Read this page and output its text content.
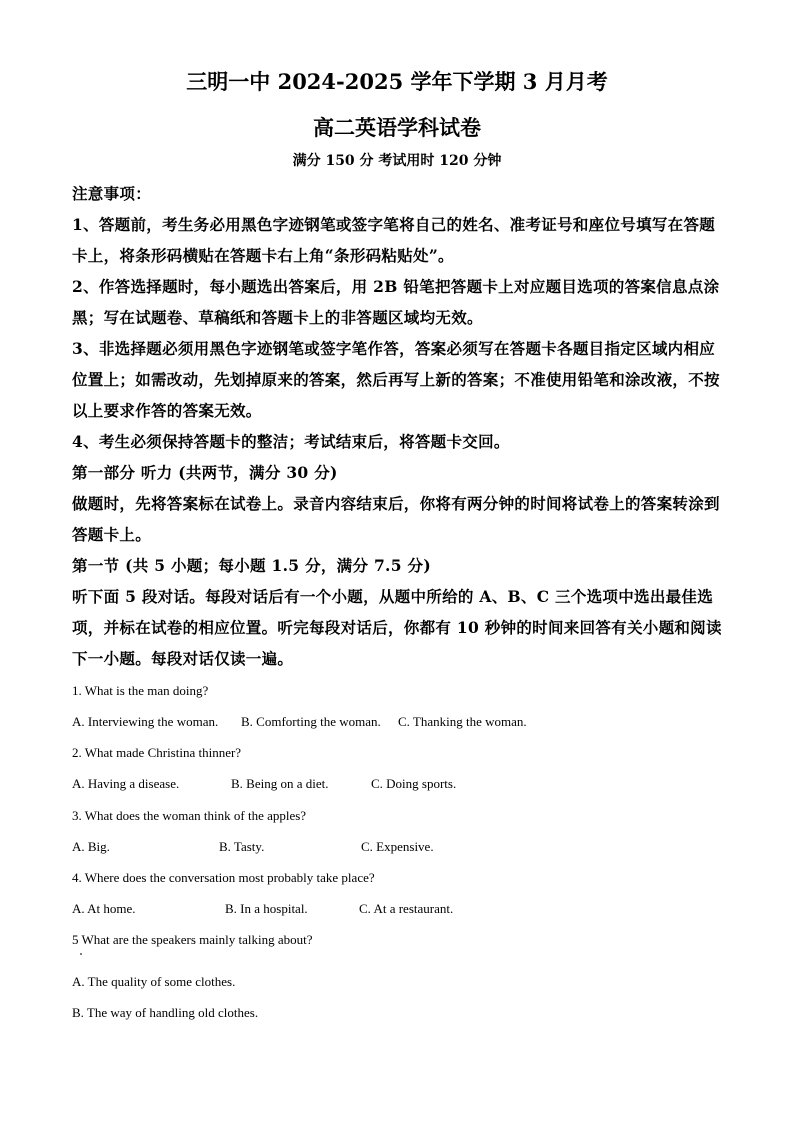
三明一中 2024-2025 学年下学期 3 月月考
高二英语学科试卷
满分 150 分 考试用时 120 分钟
注意事项：
1、答题前，考生务必用黑色字迹钢笔或签字笔将自己的姓名、准考证号和座位号填写在答题卡上，将条形码横贴在答题卡右上角“条形码粘贴处”。
2、作答选择题时，每小题选出答案后，用 2B 铅笔把答题卡上对应题目选项的答案信息点涂黑；写在试题卷、草稿纸和答题卡上的非答题区域均无效。
3、非选择题必须用黑色字迹钢笔或签字笔作答，答案必须写在答题卡各题目指定区域内相应位置上；如需改动，先划掉原来的答案，然后再写上新的答案；不准使用铅笔和涂改液，不按以上要求作答的答案无效。
4、考生必须保持答题卡的整洁；考试结束后，将答题卡交回。
第一部分 听力 (共两节，满分 30 分)
做题时，先将答案标在试卷上。录音内容结束后，你将有两分钟的时间将试卷上的答案转涂到答题卡上。
第一节 (共 5 小题；每小题 1.5 分，满分 7.5 分)
听下面 5 段对话。每段对话后有一个小题，从题中所给的 A、B、C 三个选项中选出最佳选项，并标在试卷的相应位置。听完每段对话后，你都有 10 秒钟的时间来回答有关小题和阅读下一小题。每段对话仅读一遍。
1. What is the man doing?
A. Interviewing the woman. B. Comforting the woman. C. Thanking the woman.
2. What made Christina thinner?
A. Having a disease.	B. Being on a diet.	C. Doing sports.
3. What does the woman think of the apples?
A. Big.	B. Tasty.	C. Expensive.
4. Where does the conversation most probably take place?
A. At home.	B. In a hospital.	C. At a restaurant.
5 What are the speakers mainly talking about?
A. The quality of some clothes.
B. The way of handling old clothes.
